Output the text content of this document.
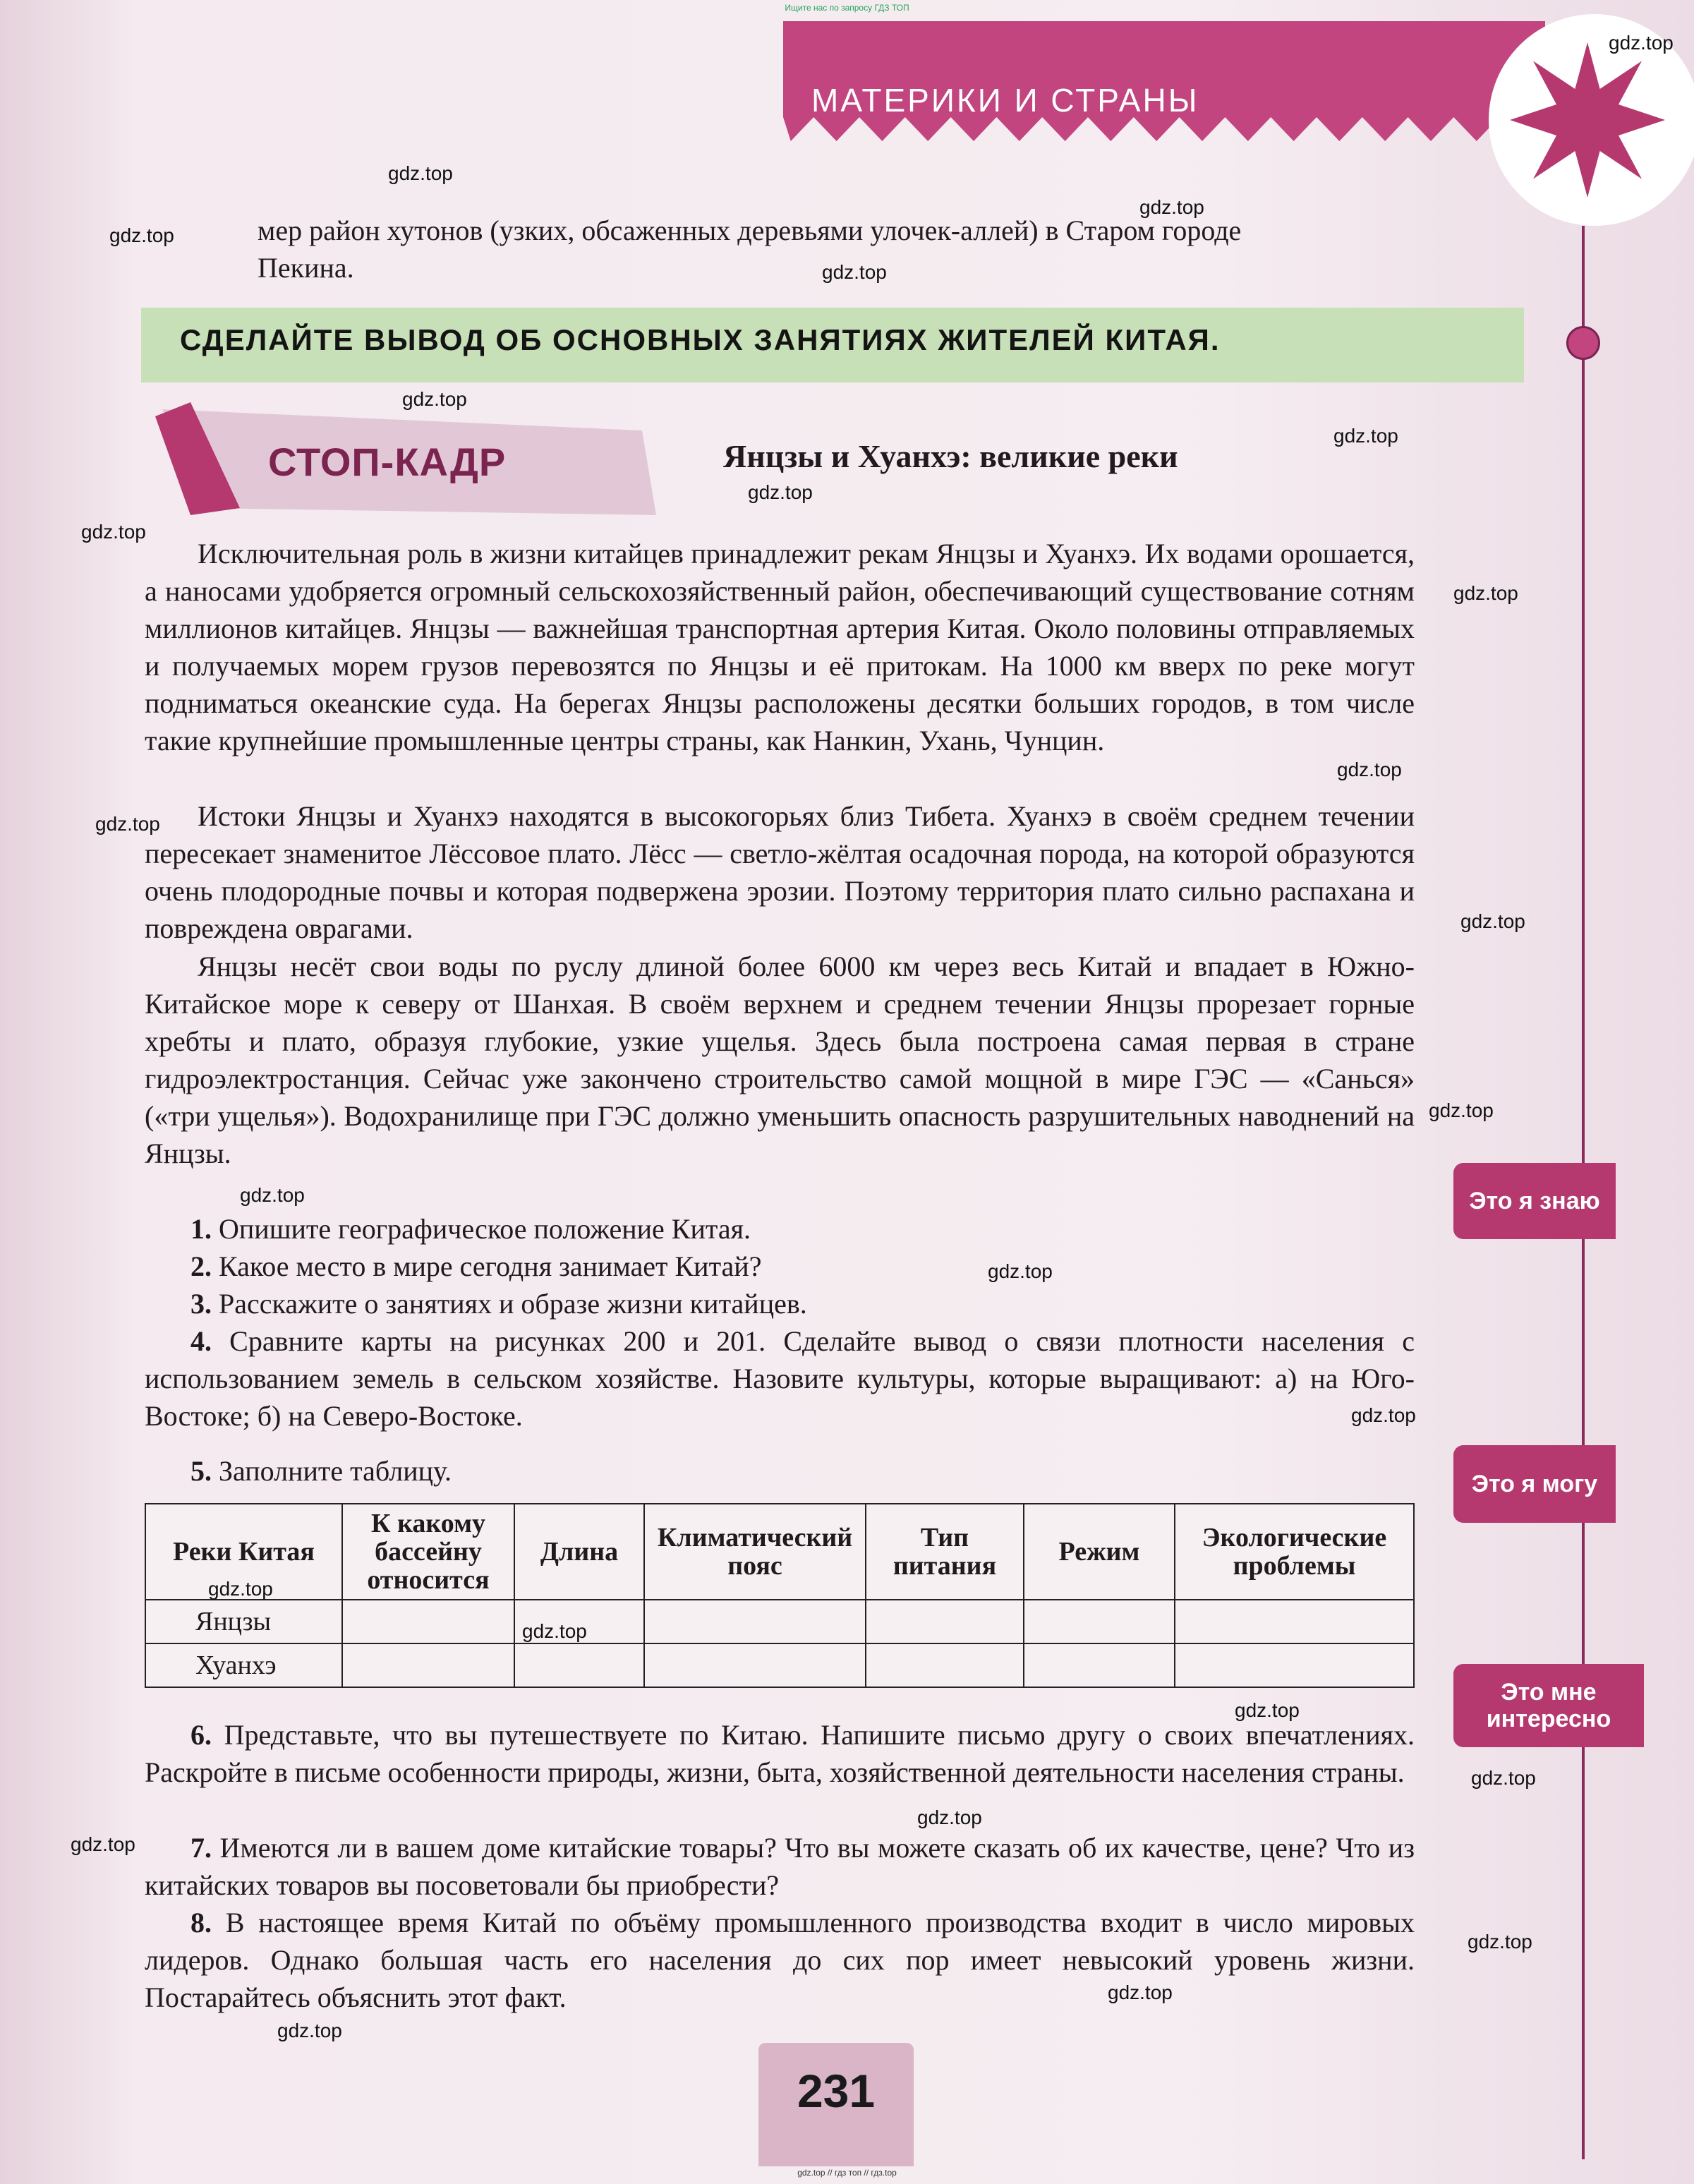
Ищите нас по запросу ГДЗ ТОП
МАТЕРИКИ И СТРАНЫ

мер район хутонов (узких, обсаженных деревьями улочек-аллей) в Старом городе

Пекина.

СДЕЛАЙТЕ ВЫВОД ОБ ОСНОВНЫХ ЗАНЯТИЯХ ЖИТЕЛЕЙ КИТАЯ.
СТОП-КАДР	Янцзы и Хуанхэ: великие реки

Исключительная роль в жизни китайцев принадлежит рекам Янцзы и Хуанхэ. Их водами орошается, а наносами удобряется огромный сельскохозяйственный район, обеспечивающий существование сотням миллионов китайцев. Янцзы — важнейшая транспортная артерия Китая. Около половины отправляемых и получаемых морем грузов перевозятся по Янцзы и её притокам. На 1000 км вверх по реке могут подниматься океанские суда. На берегах Янцзы расположены десятки больших городов, в том числе такие крупнейшие промышленные центры страны, как Нанкин, Ухань, Чунцин.

Истоки Янцзы и Хуанхэ находятся в высокогорьях близ Тибета. Хуанхэ в своём среднем течении пересекает знаменитое Лёссовое плато. Лёсс — светло-жёлтая осадочная порода, на которой образуются очень плодородные почвы и которая подвержена эрозии. Поэтому территория плато сильно распахана и повреждена оврагами.

Янцзы несёт свои воды по руслу длиной более 6000 км через весь Китай и впадает в Южно-Китайское море к северу от Шанхая. В своём верхнем и среднем течении Янцзы прорезает горные хребты и плато, образуя глубокие, узкие ущелья. Здесь была построена самая первая в стране гидроэлектростанция. Сейчас уже закончено строительство самой мощной в мире ГЭС — «Санься» («три ущелья»). Водохранилище при ГЭС должно уменьшить опасность разрушительных наводнений на Янцзы.

1. Опишите географическое положение Китая.

2. Какое место в мире сегодня занимает Китай?

3. Расскажите о занятиях и образе жизни китайцев.

4. Сравните карты на рисунках 200 и 201. Сделайте вывод о связи плотности населения с использованием земель в сельском хозяйстве. Назовите культуры, которые выращивают: а) на Юго-Востоке; б) на Северо-Востоке.

5. Заполните таблицу.

Реки Китая	К какому бассейну относится	Длина	Климатический пояс	Тип питания	Режим	Экологические проблемы
Янцзы						
Хуанхэ						

6. Представьте, что вы путешествуете по Китаю. Напишите письмо другу о своих впечатлениях. Раскройте в письме особенности природы, жизни, быта, хозяйственной деятельности населения страны.

7. Имеются ли в вашем доме китайские товары? Что вы можете сказать об их качестве, цене? Что из китайских товаров вы посоветовали бы приобрести?

8. В настоящее время Китай по объёму промышленного производства входит в число мировых лидеров. Однако большая часть его населения до сих пор имеет невысокий уровень жизни. Постарайтесь объяснить этот факт.

Это я знаю
Это я могу
Это мне интересно
231
gdz.top
gdz.top
gdz.top
gdz.top
gdz.top
gdz.top
gdz.top
gdz.top
gdz.top
gdz.top
gdz.top
gdz.top
gdz.top
gdz.top
gdz.top
gdz.top
gdz.top
gdz.top
gdz.top
gdz.top
gdz.top
gdz.top
gdz.top
gdz.top
gdz.top
gdz.top
gdz.top // гдз топ // гдз.top
